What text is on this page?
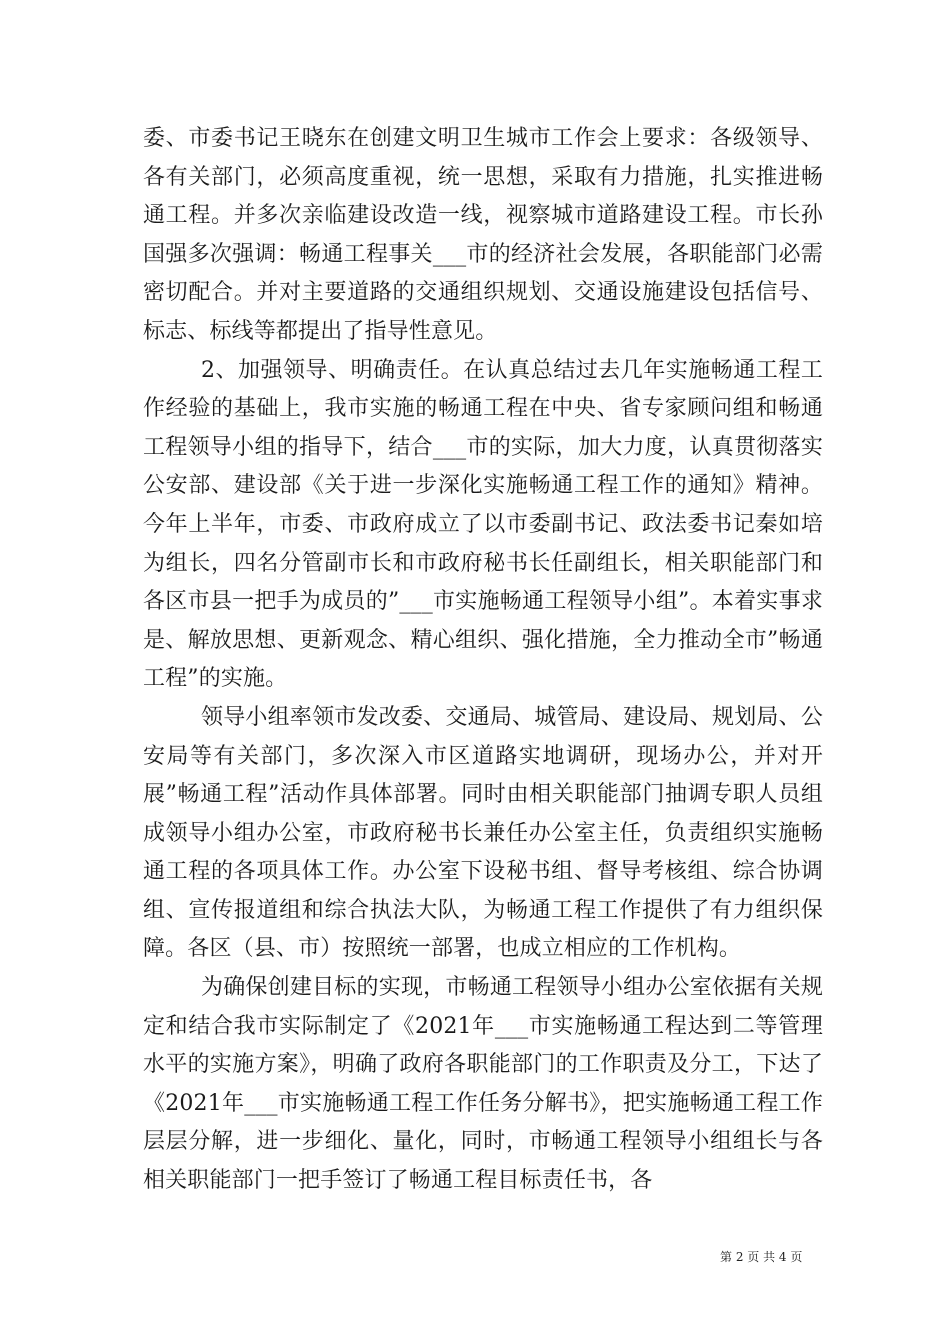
委、市委书记王晓东在创建文明卫生城市工作会上要求：各级领导、各有关部门，必须高度重视，统一思想，采取有力措施，扎实推进畅通工程。并多次亲临建设改造一线，视察城市道路建设工程。市长孙国强多次强调：畅通工程事关___市的经济社会发展，各职能部门必需密切配合。并对主要道路的交通组织规划、交通设施建设包括信号、标志、标线等都提出了指导性意见。

2、加强领导、明确责任。在认真总结过去几年实施畅通工程工作经验的基础上，我市实施的畅通工程在中央、省专家顾问组和畅通工程领导小组的指导下，结合___市的实际，加大力度，认真贯彻落实公安部、建设部《关于进一步深化实施畅通工程工作的通知》精神。今年上半年，市委、市政府成立了以市委副书记、政法委书记秦如培为组长，四名分管副市长和市政府秘书长任副组长，相关职能部门和各区市县一把手为成员的”___市实施畅通工程领导小组”。本着实事求是、解放思想、更新观念、精心组织、强化措施，全力推动全市”畅通工程”的实施。

领导小组率领市发改委、交通局、城管局、建设局、规划局、公安局等有关部门，多次深入市区道路实地调研，现场办公，并对开展”畅通工程”活动作具体部署。同时由相关职能部门抽调专职人员组成领导小组办公室，市政府秘书长兼任办公室主任，负责组织实施畅通工程的各项具体工作。办公室下设秘书组、督导考核组、综合协调组、宣传报道组和综合执法大队，为畅通工程工作提供了有力组织保障。各区（县、市）按照统一部署，也成立相应的工作机构。

为确保创建目标的实现，市畅通工程领导小组办公室依据有关规定和结合我市实际制定了《2021年___市实施畅通工程达到二等管理水平的实施方案》，明确了政府各职能部门的工作职责及分工，下达了《2021年___市实施畅通工程工作任务分解书》，把实施畅通工程工作层层分解，进一步细化、量化，同时，市畅通工程领导小组组长与各相关职能部门一把手签订了畅通工程目标责任书，各

第 2 页 共 4 页
